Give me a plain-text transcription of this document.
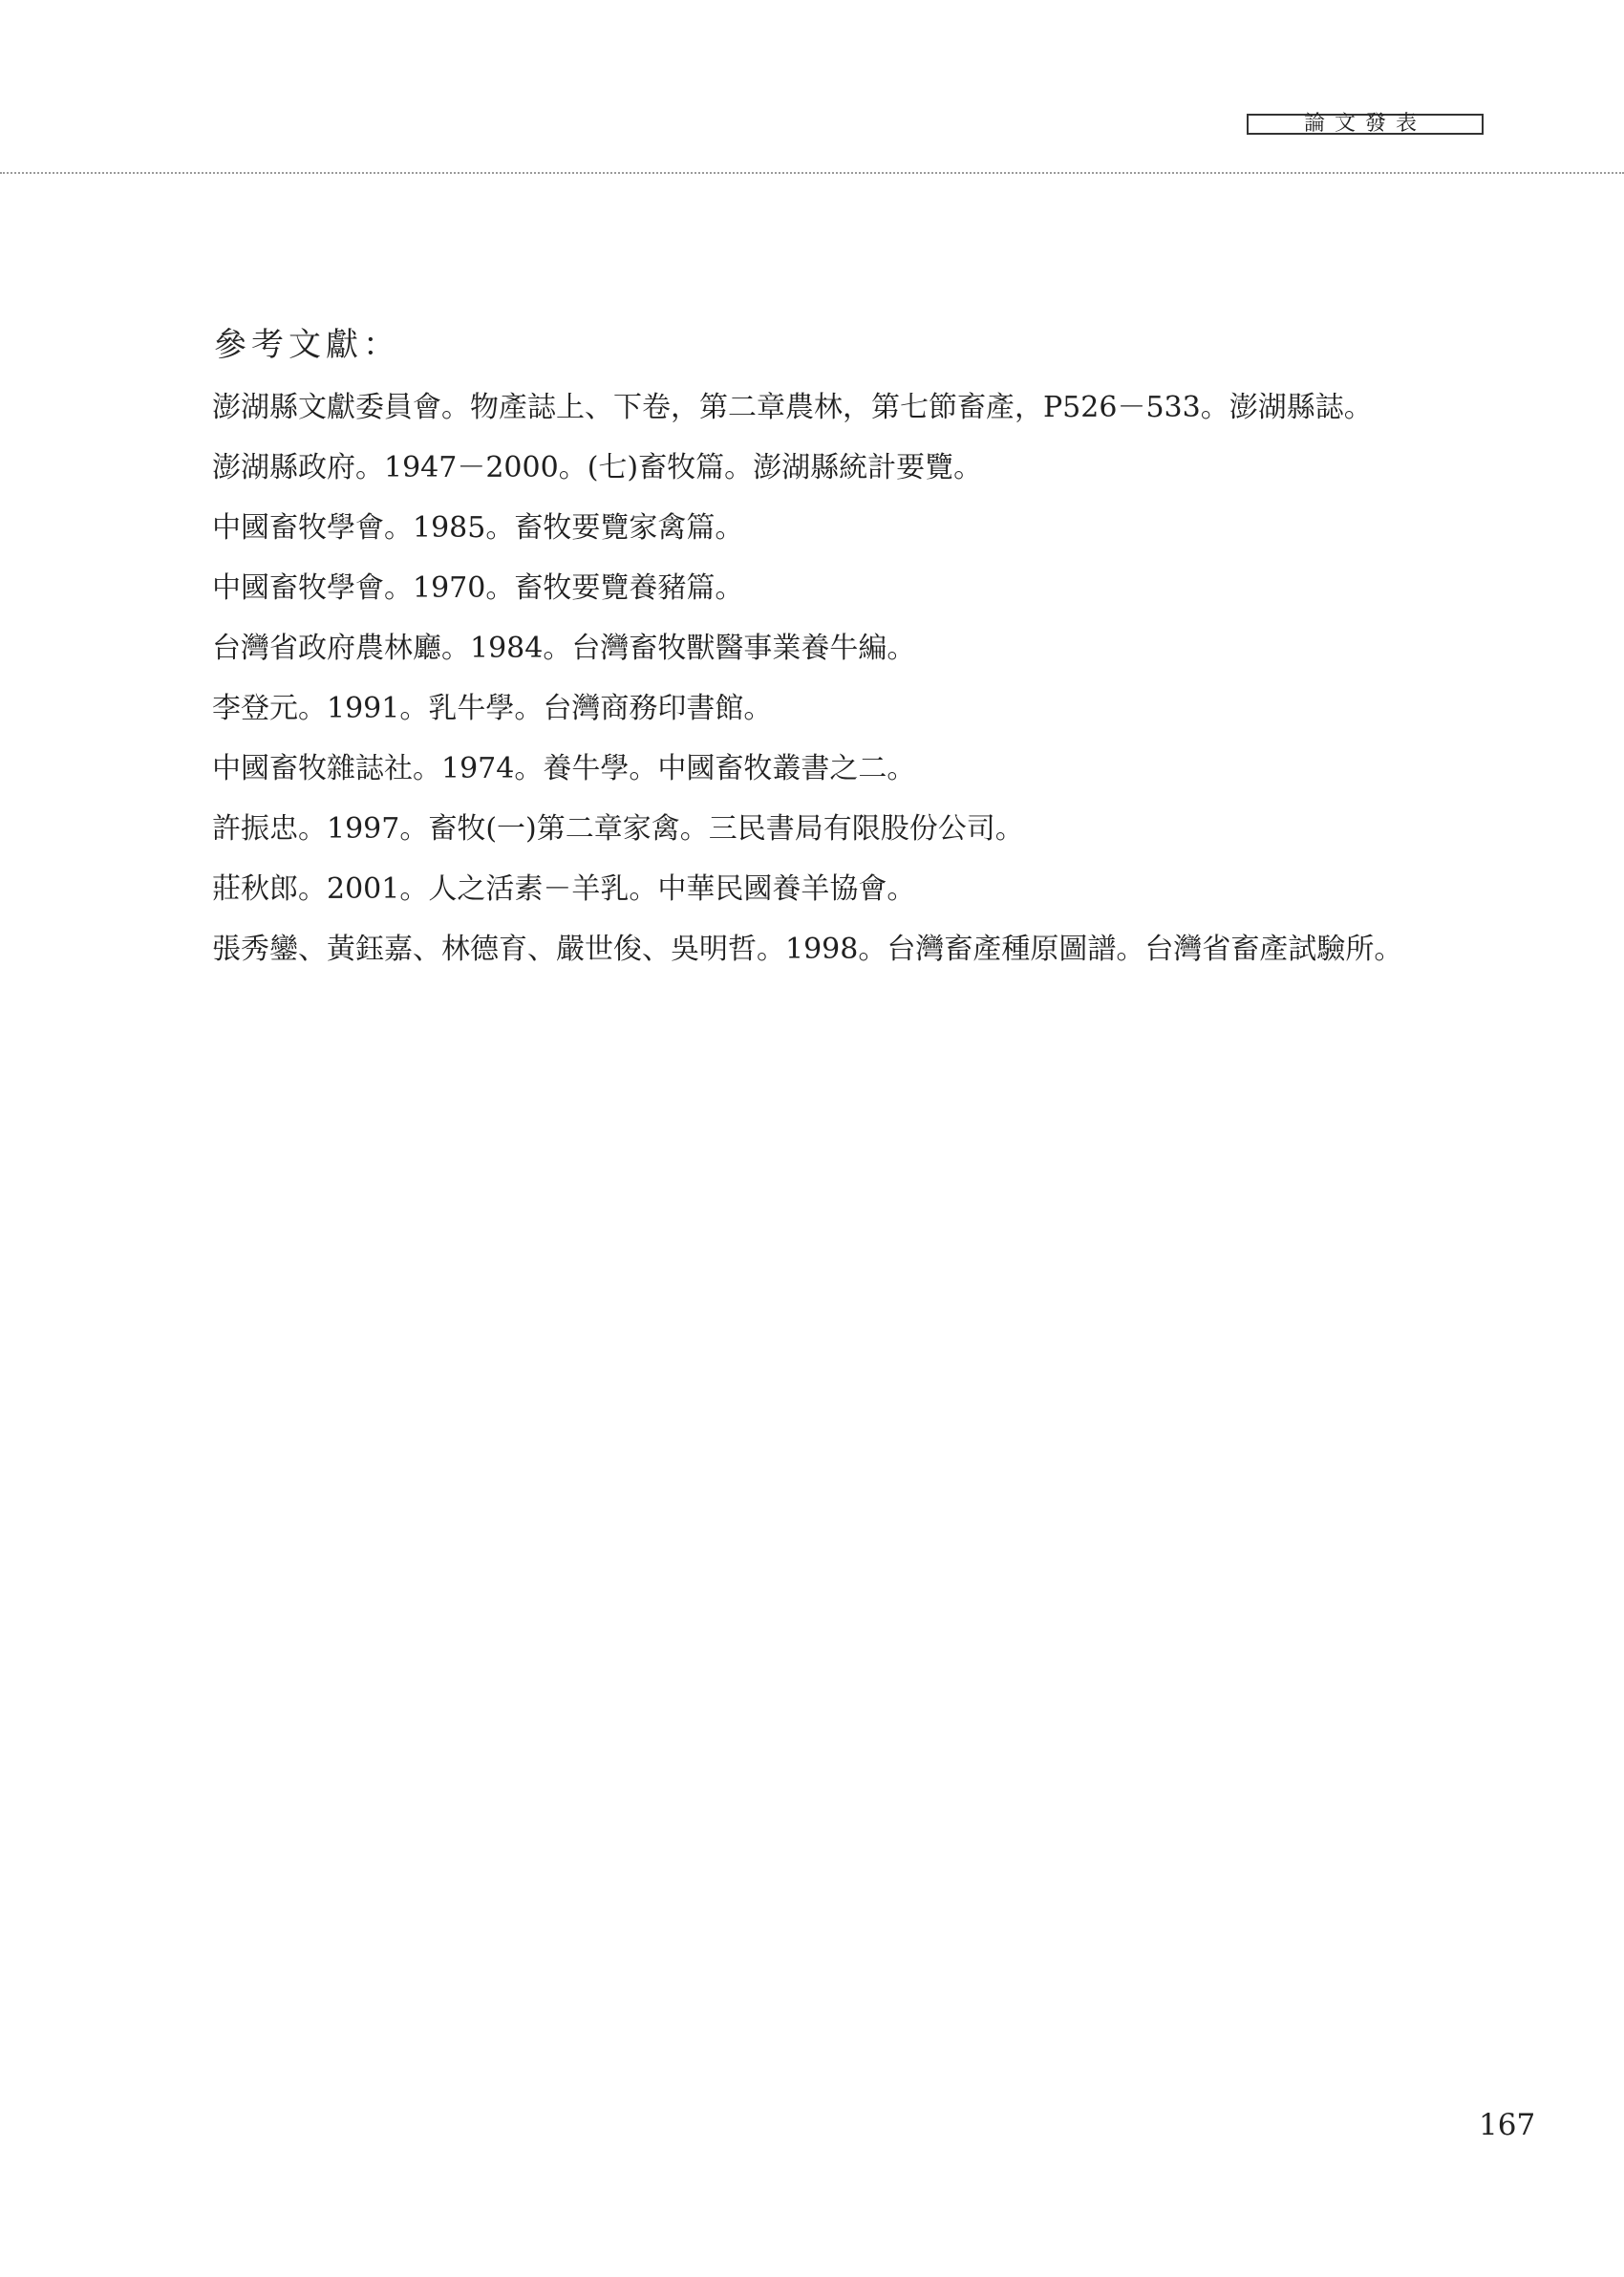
論文發表
參考文獻：
澎湖縣文獻委員會。物產誌上、下卷，第二章農林，第七節畜產，P526－533。澎湖縣誌。
澎湖縣政府。1947－2000。(七)畜牧篇。澎湖縣統計要覽。
中國畜牧學會。1985。畜牧要覽家禽篇。
中國畜牧學會。1970。畜牧要覽養豬篇。
台灣省政府農林廳。1984。台灣畜牧獸醫事業養牛編。
李登元。1991。乳牛學。台灣商務印書館。
中國畜牧雜誌社。1974。養牛學。中國畜牧叢書之二。
許振忠。1997。畜牧(一)第二章家禽。三民書局有限股份公司。
莊秋郎。2001。人之活素－羊乳。中華民國養羊協會。
張秀鑾、黃鈺嘉、林德育、嚴世俊、吳明哲。1998。台灣畜產種原圖譜。台灣省畜產試驗所。
167
